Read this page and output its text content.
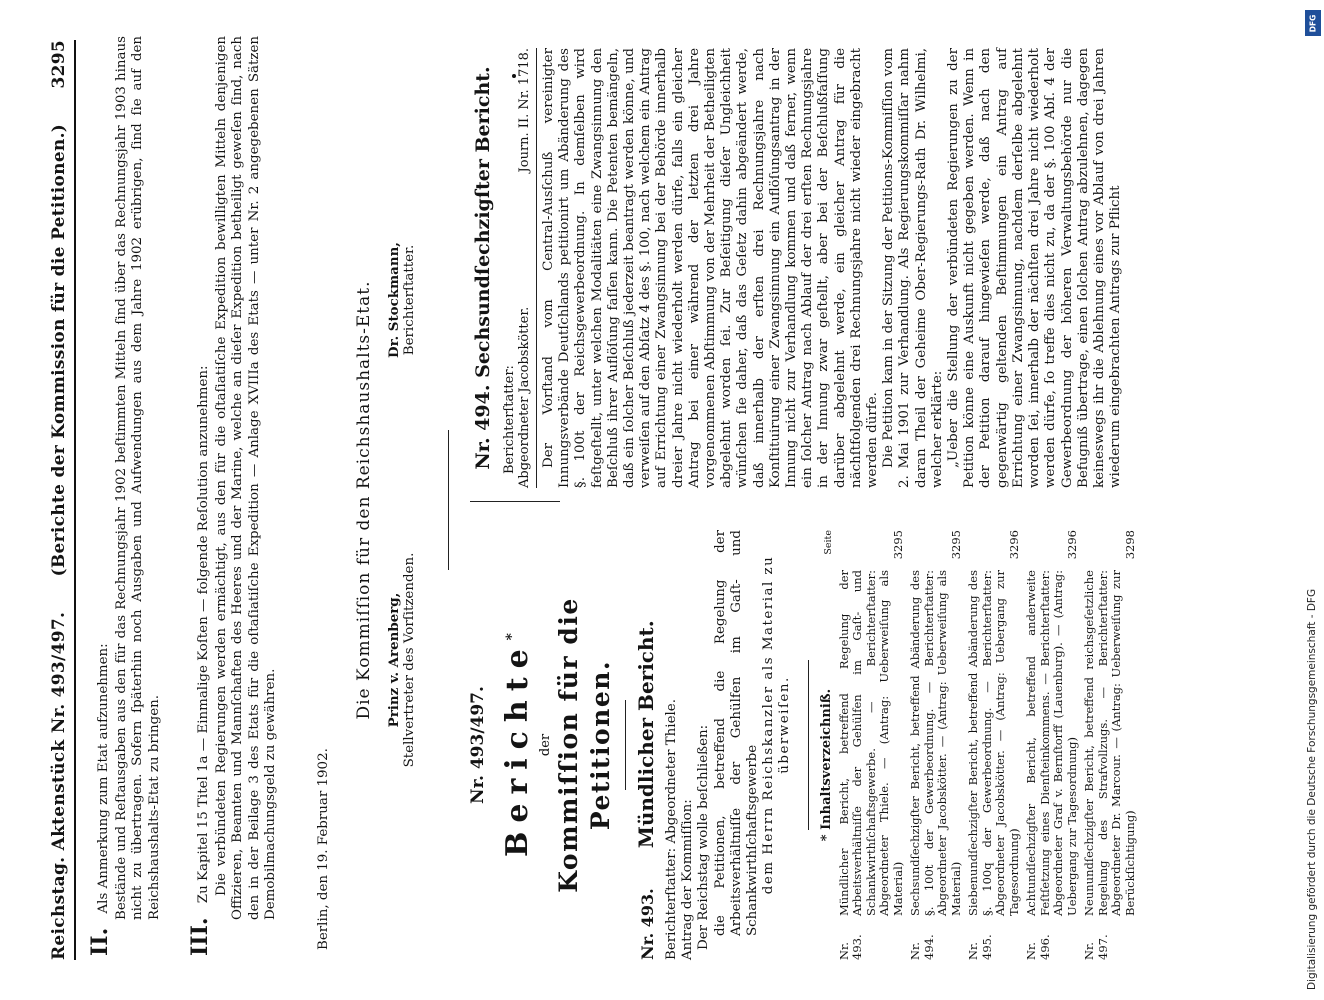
Reichstag. Aktenstück Nr. 493/497.
(Berichte der Kommission für die Petitionen.)
3295
II. Als Anmerkung zum Etat aufzunehmen: Bestände und Reſtausgaben aus den für das Rechnungsjahr 1902 beſtimmten Mitteln ſind über das Rechnungsjahr 1903 hinaus nicht zu übertragen. Sofern ſpäterhin noch Ausgaben und Aufwendungen aus dem Jahre 1902 erübrigen, ſind ſie auf den Reichshaushalts-Etat zu bringen.

III. Zu Kapitel 15 Titel 1a — Einmalige Koſten — folgende Reſolution anzunehmen: Die verbündeten Regierungen werden ermächtigt, aus den für die oſtaſiatiſche Expedition bewilligten Mitteln denjenigen Offizieren, Beamten und Mannſchaften des Heeres und der Marine, welche an dieſer Expedition betheiligt geweſen ſind, nach den in der Beilage 3 des Etats für die oſtaſiatiſche Expedition — Anlage XVIIIa des Etats — unter Nr. 2 angegebenen Sätzen Demobilmachungsgeld zu gewähren.	Berlin, den 19. Februar 1902.
Die Kommiſſion für den Reichshaushalts-Etat. Prinz v. Arenberg, Stellvertreter des Vorſitzenden.
Dr. Stockmann, Berichterſtatter.
Nr. 493/497. Berichte*
der Kommiſſion für die Petitionen.
Nr. 493.
Mündlicher Bericht. Berichterſtatter: Abgeordneter Thiele. Antrag der Kommiſſion: Der Reichstag wolle beſchließen: die Petitionen, betreffend die Regelung der Arbeitsverhältniſſe der Gehülfen im Gaſt- und Schankwirthſchaftsgewerbe dem Herrn Reichskanzler als Material zu überweiſen. * Inhaltsverzeichniß.
Seite
Nr. 493.
Mündlicher Bericht, betreffend Regelung der Arbeitsverhältniſſe der Gehülfen im Gaſt- und Schankwirthſchaftsgewerbe. — Berichterſtatter: Abgeordneter Thiele. — (Antrag: Ueberweiſung als Material)
3295
Nr. 494.
Sechsundſechzigſter Bericht, betreffend Abänderung des §. 100t der Gewerbeordnung. — Berichterſtatter: Abgeordneter Jacobskötter. — (Antrag: Ueberweiſung als Material)
3295
Nr. 495.
Siebenundſechzigſter Bericht, betreffend Abänderung des §. 100q der Gewerbeordnung. — Berichterſtatter: Abgeordneter Jacobskötter. — (Antrag: Uebergang zur Tagesordnung)
3296
Nr. 496.
Achtundſechzigſter Bericht, betreffend anderweite Feſtſetzung eines Dienſteinkommens. — Berichterſtatter: Abgeordneter Graf v. Bernſtorff (Lauenburg). — (Antrag: Uebergang zur Tagesordnung)
3296
Nr. 497.
Neunundſechzigſter Bericht, betreffend reichsgeſetzliche Regelung des Strafvollzugs. — Berichterſtatter: Abgeordneter Dr. Marcour. — (Antrag: Ueberweiſung zur Berückſichtigung)
3298
Nr. 494. Sechsundſechzigſter Bericht. Berichterſtatter: Abgeordneter Jacobskötter.
Journ. II. Nr. 1718. Der Vorſtand vom Central-Ausſchuß vereinigter Innungsverbände Deutſchlands petitionirt um Abänderung des §. 100t der Reichsgewerbeordnung. In demſelben wird feſtgeſtellt, unter welchen Modalitäten eine Zwangsinnung den Beſchluß ihrer Auflöſung faſſen kann. Die Petenten bemängeln, daß ein ſolcher Beſchluß jederzeit beantragt werden könne, und verweiſen auf den Abſatz 4 des §. 100, nach welchem ein Antrag auf Errichtung einer Zwangsinnung bei der Behörde innerhalb dreier Jahre nicht wiederholt werden dürfe, falls ein gleicher Antrag bei einer während der letzten drei Jahre vorgenommenen Abſtimmung von der Mehrheit der Betheiligten abgelehnt worden ſei. Zur Beſeitigung dieſer Ungleichheit wünſchen ſie daher, daß das Geſetz dahin abgeändert werde, daß innerhalb der erſten drei Rechnungsjahre nach Konſtituirung einer Zwangsinnung ein Auflöſungsantrag in der Innung nicht zur Verhandlung kommen und daß ferner, wenn ein ſolcher Antrag nach Ablauf der drei erſten Rechnungsjahre in der Innung zwar geſtellt, aber bei der Beſchlußfaſſung darüber abgelehnt werde, ein gleicher Antrag für die nächſtfolgenden drei Rechnungsjahre nicht wieder eingebracht werden dürfe. Die Petition kam in der Sitzung der Petitions-Kommiſſion vom 2. Mai 1901 zur Verhandlung. Als Regierungskommiſſar nahm daran Theil der Geheime Ober-Regierungs-Rath Dr. Wilhelmi, welcher erklärte: „Ueber die Stellung der verbündeten Regierungen zu der Petition könne eine Auskunft nicht gegeben werden. Wenn in der Petition darauf hingewieſen werde, daß nach den gegenwärtig geltenden Beſtimmungen ein Antrag auf Errichtung einer Zwangsinnung, nachdem derſelbe abgelehnt worden ſei, innerhalb der nächſten drei Jahre nicht wiederholt werden dürfe, ſo treffe dies nicht zu, da der §. 100 Abſ. 4 der Gewerbeordnung der höheren Verwaltungsbehörde nur die Befugniß übertrage, einen ſolchen Antrag abzulehnen, dagegen keineswegs ihr die Ablehnung eines vor Ablauf von drei Jahren wiederum eingebrachten Antrags zur Pflicht

DFG
Digitalisierung gefördert durch die Deutsche Forschungsgemeinschaft - DFG
